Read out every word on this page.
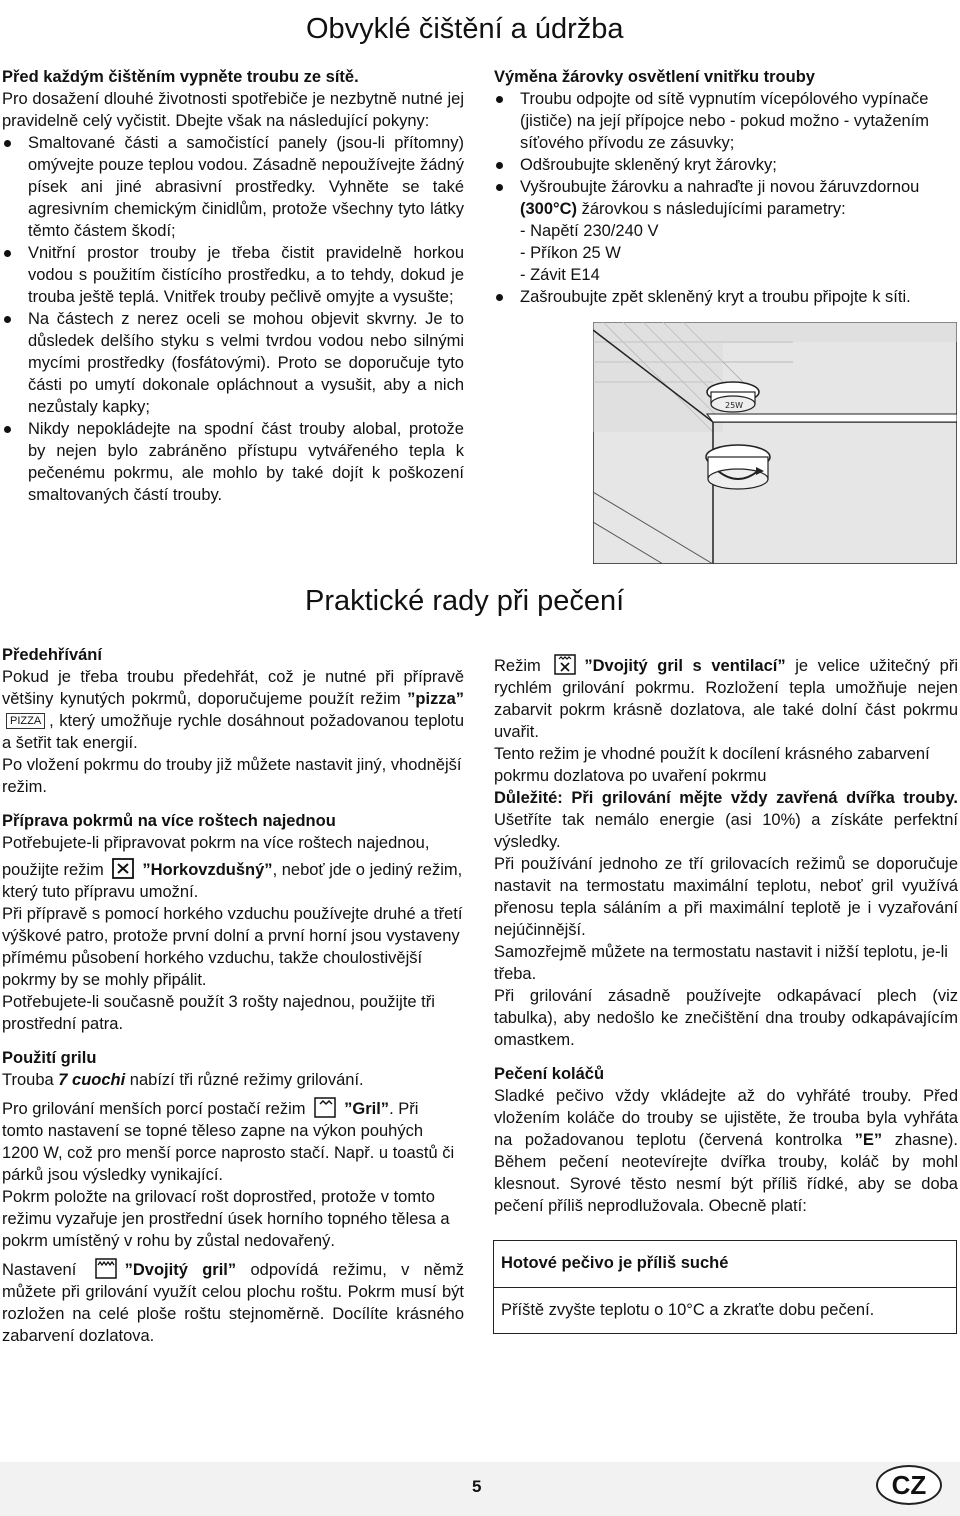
Obvyklé čištění a údržba

Před každým čištěním vypněte troubu ze sítě.

Pro dosažení dlouhé životnosti spotřebiče je nezbytně nutné jej pravidelně celý vyčistit. Dbejte však na následující pokyny:

Smaltované části a samočistící panely (jsou-li přítomny) omývejte pouze teplou vodou. Zásadně nepoužívejte žádný písek ani jiné abrasivní prostředky. Vyhněte se také agresivním chemickým činidlům, protože všechny tyto látky těmto částem škodí;
Vnitřní prostor trouby je třeba čistit pravidelně horkou vodou s použitím čistícího prostředku, a to tehdy, dokud je trouba ještě teplá. Vnitřek trouby pečlivě omyjte a vysušte;
Na částech z nerez oceli se mohou objevit skvrny. Je to důsledek delšího styku s velmi tvrdou vodou nebo silnými mycími prostředky (fosfátovými). Proto se doporučuje tyto části po umytí dokonale opláchnout a vysušit, aby a nich nezůstaly kapky;
Nikdy nepokládejte na spodní část trouby alobal, protože by nejen bylo zabráněno přístupu vytvářeného tepla k pečenému pokrmu, ale mohlo by také dojít k poškození smaltovaných částí trouby.

Výměna žárovky osvětlení vnitřku trouby

Troubu odpojte od sítě vypnutím vícepólového vypínače (jističe) na její přípojce nebo - pokud možno - vytažením síťového přívodu ze zásuvky;
Odšroubujte skleněný kryt žárovky;
Vyšroubujte žárovku a nahraďte ji novou žáruvzdornou
(300°C) žárovkou s následujícími parametry:
- Napětí 230/240 V
- Příkon 25 W
- Závit E14
Zašroubujte zpět skleněný kryt a troubu připojte k síti.
25W
Praktické rady při pečení

Předehřívání

Pokud je třeba troubu předehřát, což je nutné při přípravě většiny kynutých pokrmů, doporučujeme použít režim ”pizza”PIZZA , který umožňuje rychle dosáhnout požadovanou teplotu a šetřit tak energií.

Po vložení pokrmu do trouby již můžete nastavit jiný, vhodnější režim.

Příprava pokrmů na více roštech najednou

Potřebujete-li připravovat pokrm na více roštech najednou,

použijte režim ”Horkovzdušný”, neboť jde o jediný režim, který tuto přípravu umožní.

Při přípravě s pomocí horkého vzduchu používejte druhé a třetí výškové patro, protože první dolní a první horní jsou vystaveny přímému působení horkého vzduchu, takže choulostivější pokrmy by se mohly připálit.

Potřebujete-li současně použít 3 rošty najednou, použijte tři prostřední patra.

Použití grilu

Trouba 7 cuochi nabízí tři různé režimy grilování.

Pro grilování menších porcí postačí režim ”Gril”. Při tomto nastavení se topné těleso zapne na výkon pouhých 1200 W, což pro menší porce naprosto stačí. Např. u toastů či párků jsou výsledky vynikající.

Pokrm položte na grilovací rošt doprostřed, protože v tomto režimu vyzařuje jen prostřední úsek horního topného tělesa a pokrm umístěný v rohu by zůstal nedovařený.

Nastavení ”Dvojitý gril” odpovídá režimu, v němž můžete při grilování využít celou plochu roštu. Pokrm musí být rozložen na celé ploše roštu stejnoměrně. Docílíte krásného zabarvení dozlatova.

Režim ”Dvojitý gril s ventilací” je velice užitečný při rychlém grilování pokrmu. Rozložení tepla umožňuje nejen zabarvit pokrm krásně dozlatova, ale také dolní část pokrmu uvařit.

Tento režim je vhodné použít k docílení krásného zabarvení pokrmu dozlatova po uvaření pokrmu

Důležité: Při grilování mějte vždy zavřená dvířka trouby. Ušetříte tak nemálo energie (asi 10%) a získáte perfektní výsledky.

Při používání jednoho ze tří grilovacích režimů se doporučuje nastavit na termostatu maximální teplotu, neboť gril využívá přenosu tepla sáláním a při maximální teplotě je i vyzařování nejúčinnější.

Samozřejmě můžete na termostatu nastavit i nižší teplotu, je-li třeba.

Při grilování zásadně používejte odkapávací plech (viz tabulka), aby nedošlo ke znečištění dna trouby odkapávajícím omastkem.

Pečení koláčů

Sladké pečivo vždy vkládejte až do vyhřáté trouby. Před vložením koláče do trouby se ujistěte, že trouba byla vyhřáta na požadovanou teplotu (červená kontrolka ”E” zhasne). Během pečení neotevírejte dvířka trouby, koláč by mohl klesnout. Syrové těsto nesmí být příliš řídké, aby se doba pečení příliš neprodlužovala. Obecně platí:

Hotové pečivo je příliš suché
Příště zvyšte teplotu o 10°C a zkraťte dobu pečení.
5	CZ
